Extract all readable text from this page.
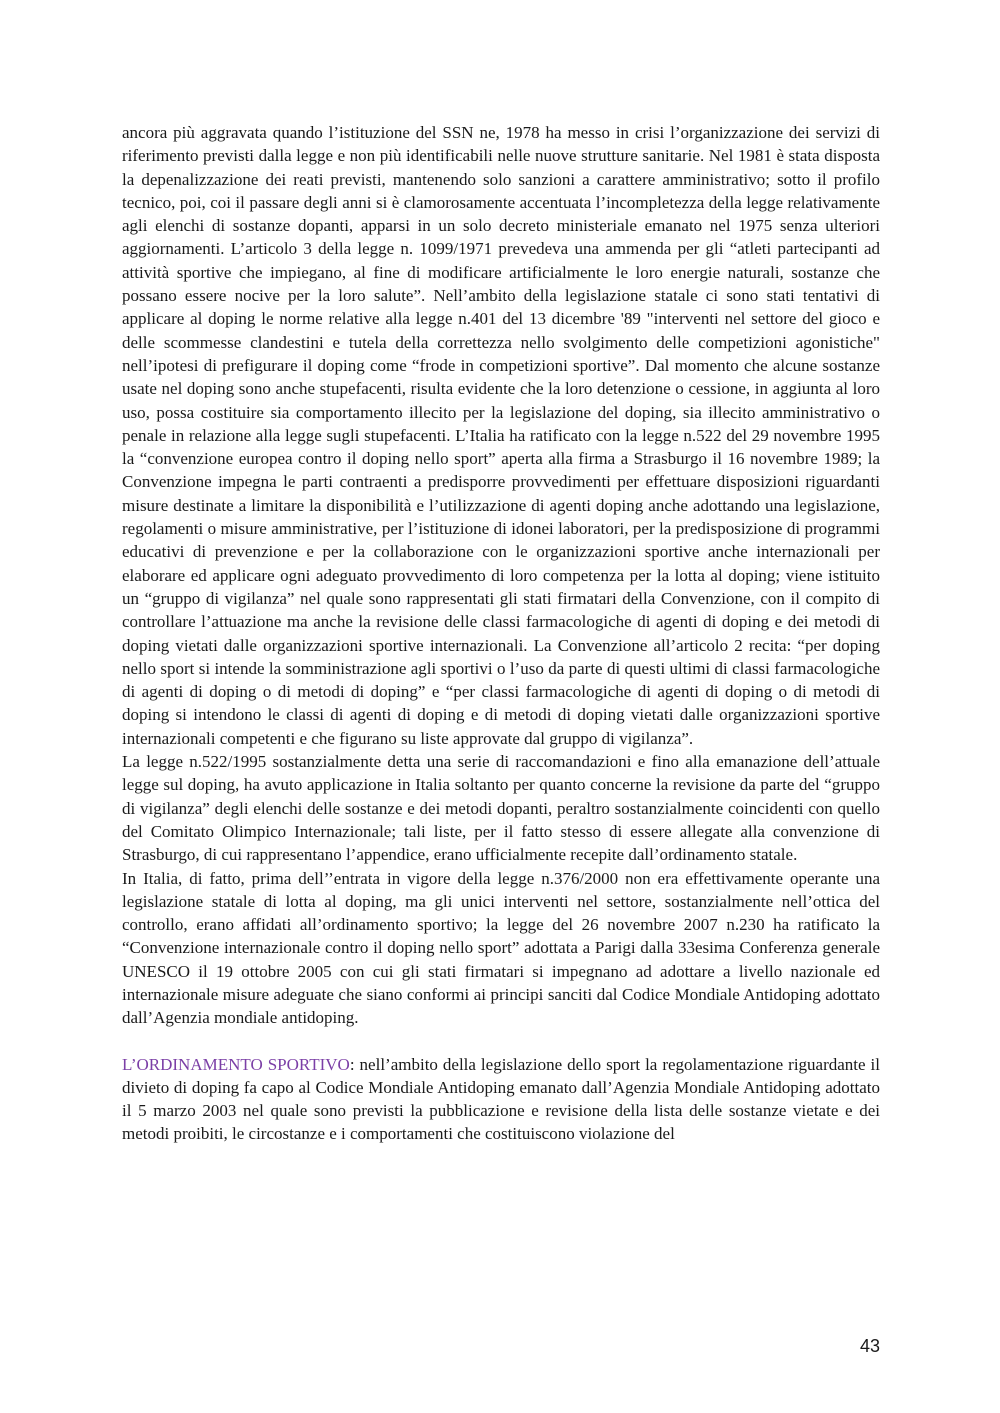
ancora più aggravata quando l’istituzione del SSN ne, 1978 ha messo in crisi l’organizzazione dei servizi di riferimento previsti dalla legge e non più identificabili nelle nuove strutture sanitarie. Nel 1981 è stata disposta la depenalizzazione dei reati previsti, mantenendo solo sanzioni a carattere amministrativo; sotto il profilo tecnico, poi, coi il passare degli anni si è clamorosamente accentuata l’incompletezza della legge relativamente agli elenchi di sostanze dopanti, apparsi in un solo decreto ministeriale emanato nel 1975 senza ulteriori aggiornamenti. L’articolo 3 della legge n. 1099/1971 prevedeva una ammenda per gli “atleti partecipanti ad attività sportive che impiegano, al fine di modificare artificialmente le loro energie naturali, sostanze che possano essere nocive per la loro salute”. Nell’ambito della legislazione statale ci sono stati tentativi di applicare al doping le norme relative alla legge n.401 del 13 dicembre '89 "interventi nel settore del gioco e delle scommesse clandestini e tutela della correttezza nello svolgimento delle competizioni agonistiche" nell’ipotesi di prefigurare il doping come “frode in competizioni sportive”. Dal momento che alcune sostanze usate nel doping sono anche stupefacenti, risulta evidente che la loro detenzione o cessione, in aggiunta al loro uso, possa costituire sia comportamento illecito per la legislazione del doping, sia illecito amministrativo o penale in relazione alla legge sugli stupefacenti. L’Italia ha ratificato con la legge n.522 del 29 novembre 1995 la “convenzione europea contro il doping nello sport” aperta alla firma a Strasburgo il 16 novembre 1989; la Convenzione impegna le parti contraenti a predisporre provvedimenti per effettuare disposizioni riguardanti misure destinate a limitare la disponibilità e l’utilizzazione di agenti doping anche adottando una legislazione, regolamenti o misure amministrative, per l’istituzione di idonei laboratori, per la predisposizione di programmi educativi di prevenzione e per la collaborazione con le organizzazioni sportive anche internazionali per elaborare ed applicare ogni adeguato provvedimento di loro competenza per la lotta al doping; viene istituito un “gruppo di vigilanza” nel quale sono rappresentati gli stati firmatari della Convenzione, con il compito di controllare l’attuazione ma anche la revisione delle classi farmacologiche di agenti di doping e dei metodi di doping vietati dalle organizzazioni sportive internazionali. La Convenzione all’articolo 2 recita: “per doping nello sport si intende la somministrazione agli sportivi o l’uso da parte di questi ultimi di classi farmacologiche di agenti di doping o di metodi di doping” e “per classi farmacologiche di agenti di doping o di metodi di doping si intendono le classi di agenti di doping e di metodi di doping vietati dalle organizzazioni sportive internazionali competenti e che figurano su liste approvate dal gruppo di vigilanza”.

La legge n.522/1995 sostanzialmente detta una serie di raccomandazioni e fino alla emanazione dell’attuale legge sul doping, ha avuto applicazione in Italia soltanto per quanto concerne la revisione da parte del “gruppo di vigilanza” degli elenchi delle sostanze e dei metodi dopanti, peraltro sostanzialmente coincidenti con quello del Comitato Olimpico Internazionale; tali liste, per il fatto stesso di essere allegate alla convenzione di Strasburgo, di cui rappresentano l’appendice, erano ufficialmente recepite dall’ordinamento statale.

In Italia, di fatto, prima dell’’entrata in vigore della legge n.376/2000 non era effettivamente operante una legislazione statale di lotta al doping, ma gli unici interventi nel settore, sostanzialmente nell’ottica del controllo, erano affidati all’ordinamento sportivo; la legge del 26 novembre 2007 n.230 ha ratificato la “Convenzione internazionale contro il doping nello sport” adottata a Parigi dalla 33esima Conferenza generale UNESCO il 19 ottobre 2005 con cui gli stati firmatari si impegnano ad adottare a livello nazionale ed internazionale misure adeguate che siano conformi ai principi sanciti dal Codice Mondiale Antidoping adottato dall’Agenzia mondiale antidoping.

L’ORDINAMENTO SPORTIVO: nell’ambito della legislazione dello sport la regolamentazione riguardante il divieto di doping fa capo al Codice Mondiale Antidoping emanato dall’Agenzia Mondiale Antidoping adottato il 5 marzo 2003 nel quale sono previsti la pubblicazione e revisione della lista delle sostanze vietate e dei metodi proibiti, le circostanze e i comportamenti che costituiscono violazione del

43
